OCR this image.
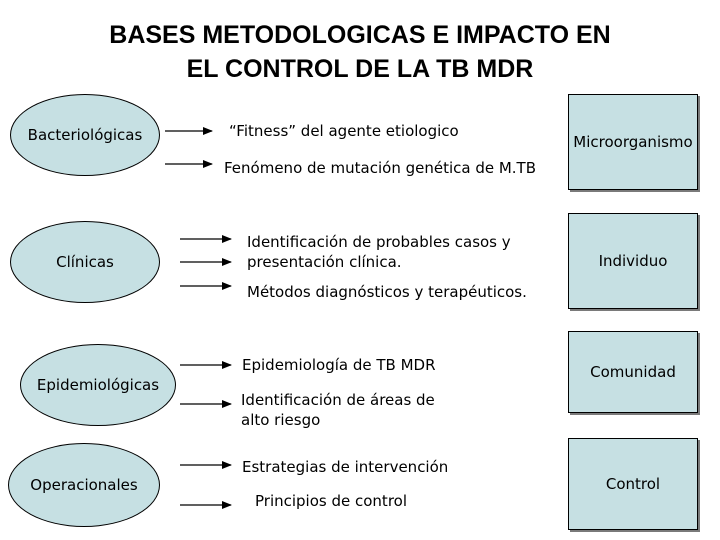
BASES METODOLOGICAS E IMPACTO EN
EL CONTROL DE LA TB MDR
Bacteriológicas
Clínicas
Epidemiológicas
Operacionales
“Fitness” del agente etiologico
Fenómeno de mutación genética de M.TB
Identificación de probables casos y presentación clínica.
Métodos diagnósticos y terapéuticos.
Epidemiología de TB MDR
Identificación de áreas de alto riesgo
Estrategias de intervención
Principios de control
Microorganismo
Individuo
Comunidad
Control
